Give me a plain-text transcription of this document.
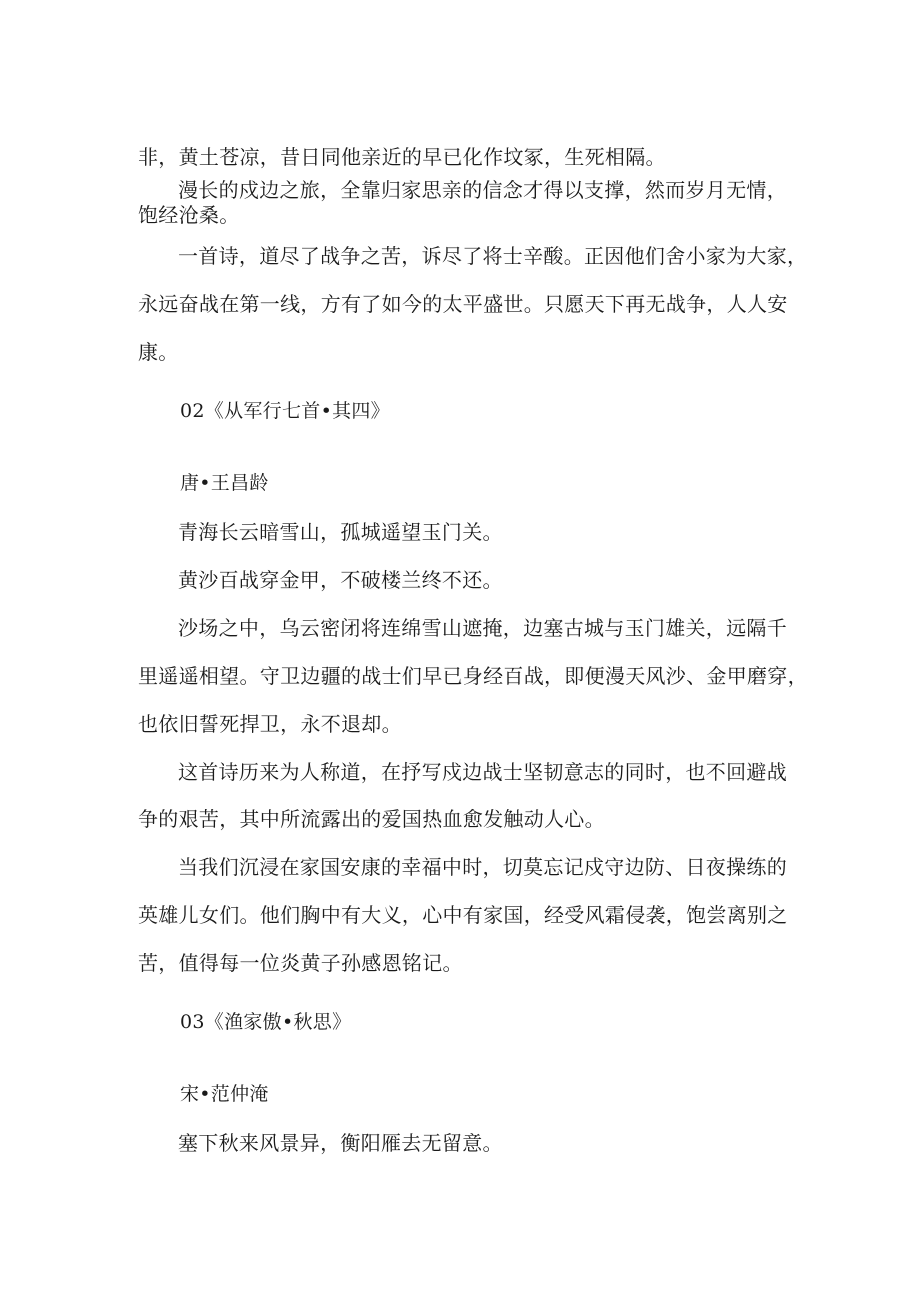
非，黄土苍凉，昔日同他亲近的早已化作坟冢，生死相隔。
漫长的戍边之旅，全靠归家思亲的信念才得以支撑，然而岁月无情，
饱经沧桑。
一首诗，道尽了战争之苦，诉尽了将士辛酸。正因他们舍小家为大家，
永远奋战在第一线，方有了如今的太平盛世。只愿天下再无战争，人人安
康。
02《从军行七首•其四》
唐•王昌龄
青海长云暗雪山，孤城遥望玉门关。
黄沙百战穿金甲，不破楼兰终不还。
沙场之中，乌云密闭将连绵雪山遮掩，边塞古城与玉门雄关，远隔千
里遥遥相望。守卫边疆的战士们早已身经百战，即便漫天风沙、金甲磨穿，
也依旧誓死捍卫，永不退却。
这首诗历来为人称道，在抒写戍边战士坚韧意志的同时，也不回避战
争的艰苦，其中所流露出的爱国热血愈发触动人心。
当我们沉浸在家国安康的幸福中时，切莫忘记戍守边防、日夜操练的
英雄儿女们。他们胸中有大义，心中有家国，经受风霜侵袭，饱尝离别之
苦，值得每一位炎黄子孙感恩铭记。
03《渔家傲•秋思》
宋•范仲淹
塞下秋来风景异，衡阳雁去无留意。
